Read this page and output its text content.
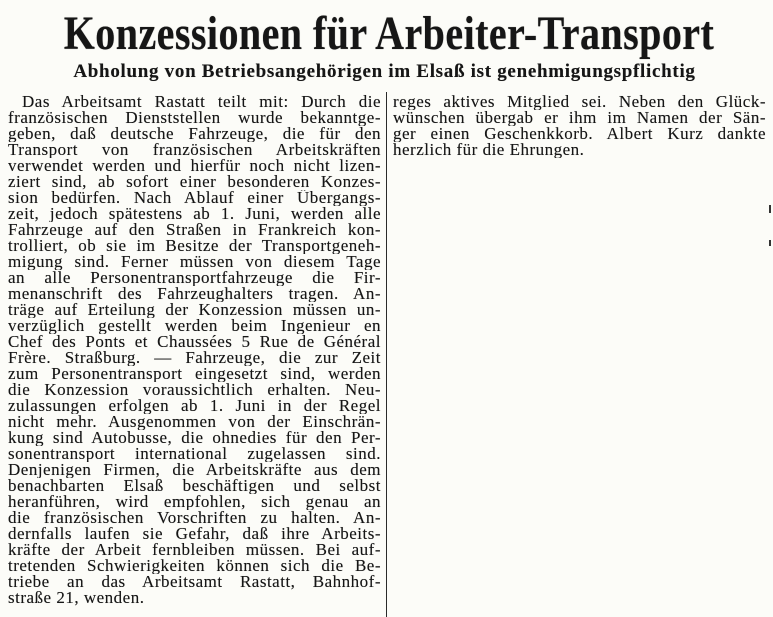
Konzessionen für Arbeiter-Transport
Abholung von Betriebsangehörigen im Elsaß ist genehmigungspflichtig
Das Arbeitsamt Rastatt teilt mit: Durch die
französischen Dienststellen wurde bekanntge-
geben, daß deutsche Fahrzeuge, die für den
Transport von französischen Arbeitskräften
verwendet werden und hierfür noch nicht lizen-
ziert sind, ab sofort einer besonderen Konzes-
sion bedürfen. Nach Ablauf einer Übergangs-
zeit, jedoch spätestens ab 1. Juni, werden alle
Fahrzeuge auf den Straßen in Frankreich kon-
trolliert, ob sie im Besitze der Transportgeneh-
migung sind. Ferner müssen von diesem Tage
an alle Personentransportfahrzeuge die Fir-
menanschrift des Fahrzeughalters tragen. An-
träge auf Erteilung der Konzession müssen un-
verzüglich gestellt werden beim Ingenieur en
Chef des Ponts et Chaussées 5 Rue de Général
Frère. Straßburg. — Fahrzeuge, die zur Zeit
zum Personentransport eingesetzt sind, werden
die Konzession voraussichtlich erhalten. Neu-
zulassungen erfolgen ab 1. Juni in der Regel
nicht mehr. Ausgenommen von der Einschrän-
kung sind Autobusse, die ohnedies für den Per-
sonentransport international zugelassen sind.
Denjenigen Firmen, die Arbeitskräfte aus dem
benachbarten Elsaß beschäftigen und selbst
heranführen, wird empfohlen, sich genau an
die französischen Vorschriften zu halten. An-
dernfalls laufen sie Gefahr, daß ihre Arbeits-
kräfte der Arbeit fernbleiben müssen. Bei auf-
tretenden Schwierigkeiten können sich die Be-
triebe an das Arbeitsamt Rastatt, Bahnhof-
straße 21, wenden.
reges aktives Mitglied sei. Neben den Glück-
wünschen übergab er ihm im Namen der Sän-
ger einen Geschenkkorb. Albert Kurz dankte
herzlich für die Ehrungen.
